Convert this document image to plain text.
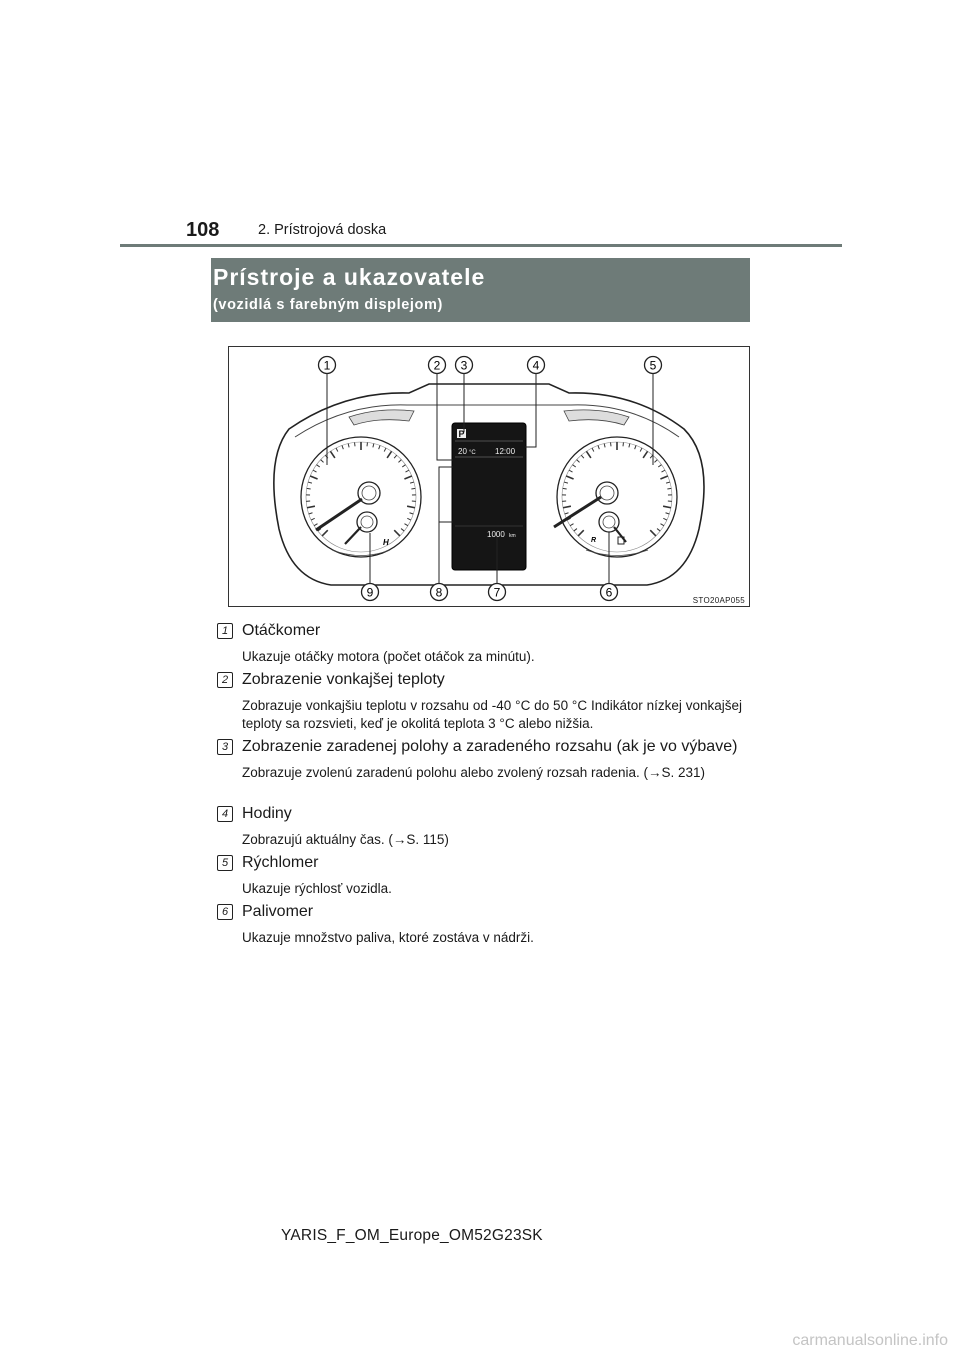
108	2. Prístrojová doska
Prístroje a ukazovatele
(vozidlá s farebným displejom)
H	R
P
20 °C 12:00
1000 km
1	2 3	4	5
6
7
8
9
STO20AP055
1 Otáčkomer
Ukazuje otáčky motora (počet otáčok za minútu).
2 Zobrazenie vonkajšej teploty
Zobrazuje vonkajšiu teplotu v rozsahu od -40 °C do 50 °C Indikátor nízkej vonkajšej teploty sa rozsvieti, keď je okolitá teplota 3 °C alebo nižšia.
3 Zobrazenie zaradenej polohy a zaradeného rozsahu (ak je vo výbave)
Zobrazuje zvolenú zaradenú polohu alebo zvolený rozsah radenia. (→S. 231)
4 Hodiny
Zobrazujú aktuálny čas. (→S. 115)
5 Rýchlomer
Ukazuje rýchlosť vozidla.
6 Palivomer
Ukazuje množstvo paliva, ktoré zostáva v nádrži.
YARIS_F_OM_Europe_OM52G23SK
carmanualsonline.info
